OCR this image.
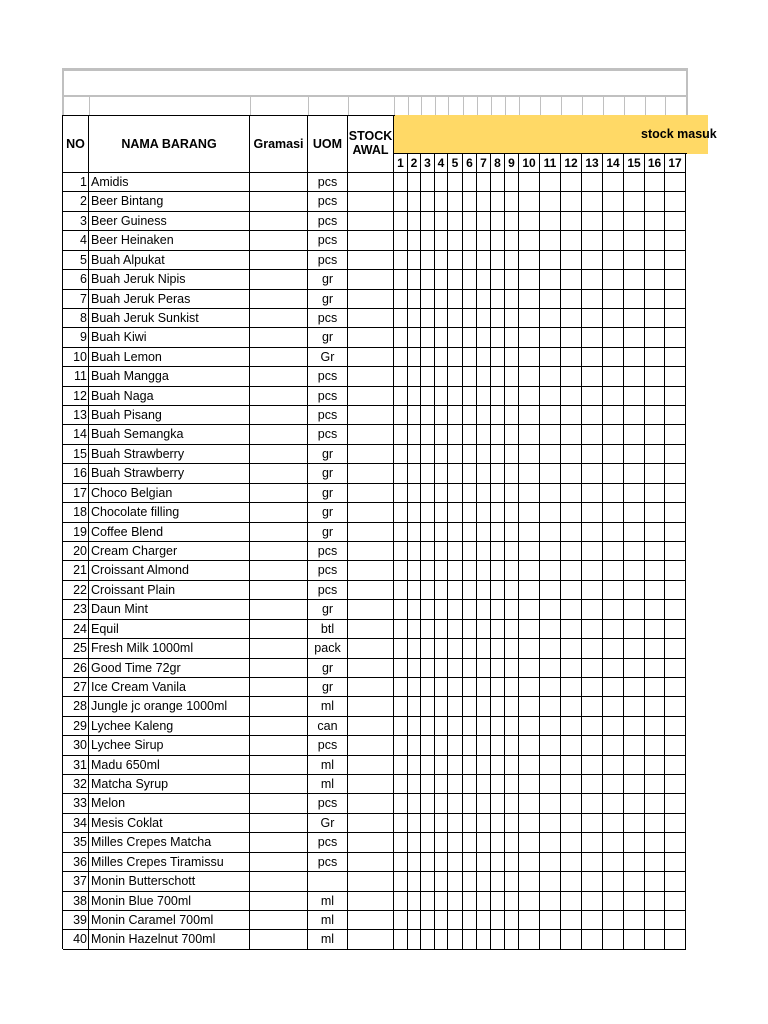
stock masuk
NO	NAMA BARANG	Gramasi UOM
STOCK
AWAL
1 2 3 4 5 6 7 8 9 10 11 12 13 14 15 16 17
1 Amidis	pcs
2 Beer Bintang	pcs
3 Beer Guiness	pcs
4 Beer Heinaken	pcs
5 Buah Alpukat	pcs
6 Buah Jeruk Nipis	gr
7 Buah Jeruk Peras	gr
8 Buah Jeruk Sunkist	pcs
9 Buah Kiwi	gr
10 Buah Lemon	Gr
11 Buah Mangga	pcs
12 Buah Naga	pcs
13 Buah Pisang	pcs
14 Buah Semangka	pcs
15 Buah Strawberry	gr
16 Buah Strawberry	gr
17 Choco Belgian	gr
18 Chocolate filling	gr
19 Coffee Blend	gr
20 Cream Charger	pcs
21 Croissant Almond	pcs
22 Croissant Plain	pcs
23 Daun Mint	gr
24 Equil	btl
25 Fresh Milk 1000ml	pack
26 Good Time 72gr	gr
27 Ice Cream Vanila	gr
28 Jungle jc orange 1000ml	ml
29 Lychee Kaleng	can
30 Lychee Sirup	pcs
31 Madu 650ml	ml
32 Matcha Syrup	ml
33 Melon	pcs
34 Mesis Coklat	Gr
35 Milles Crepes Matcha	pcs
36 Milles Crepes Tiramissu	pcs
37 Monin Butterschott
38 Monin Blue 700ml	ml
39 Monin Caramel 700ml	ml
40 Monin Hazelnut 700ml	ml
